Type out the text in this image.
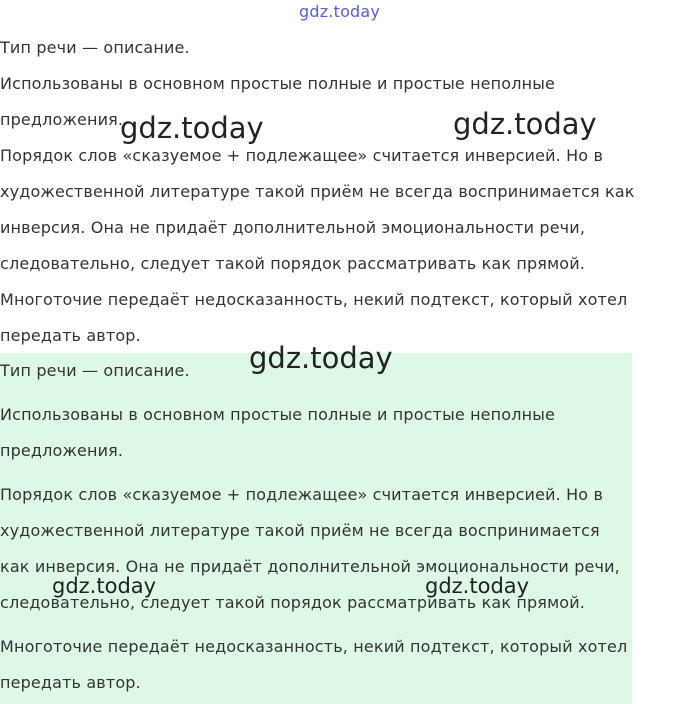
gdz.today

Тип речи — описание.

Использованы в основном простые полные и простые неполные предложения.

Порядок слов «сказуемое + подлежащее» считается инверсией. Но в художественной литературе такой приём не всегда воспринимается как инверсия. Она не придаёт дополнительной эмоциональности речи, следовательно, следует такой порядок рассматривать как прямой. Многоточие передаёт недосказанность, некий подтекст, который хотел передать автор.

Тип речи — описание.

Использованы в основном простые полные и простые неполные предложения.

Порядок слов «сказуемое + подлежащее» считается инверсией. Но в художественной литературе такой приём не всегда воспринимается как инверсия. Она не придаёт дополнительной эмоциональности речи, следовательно, следует такой порядок рассматривать как прямой.

Многоточие передаёт недосказанность, некий подтекст, который хотел передать автор.

gdz.today	gdz.today
gdz.today
gdz.today	gdz.today
